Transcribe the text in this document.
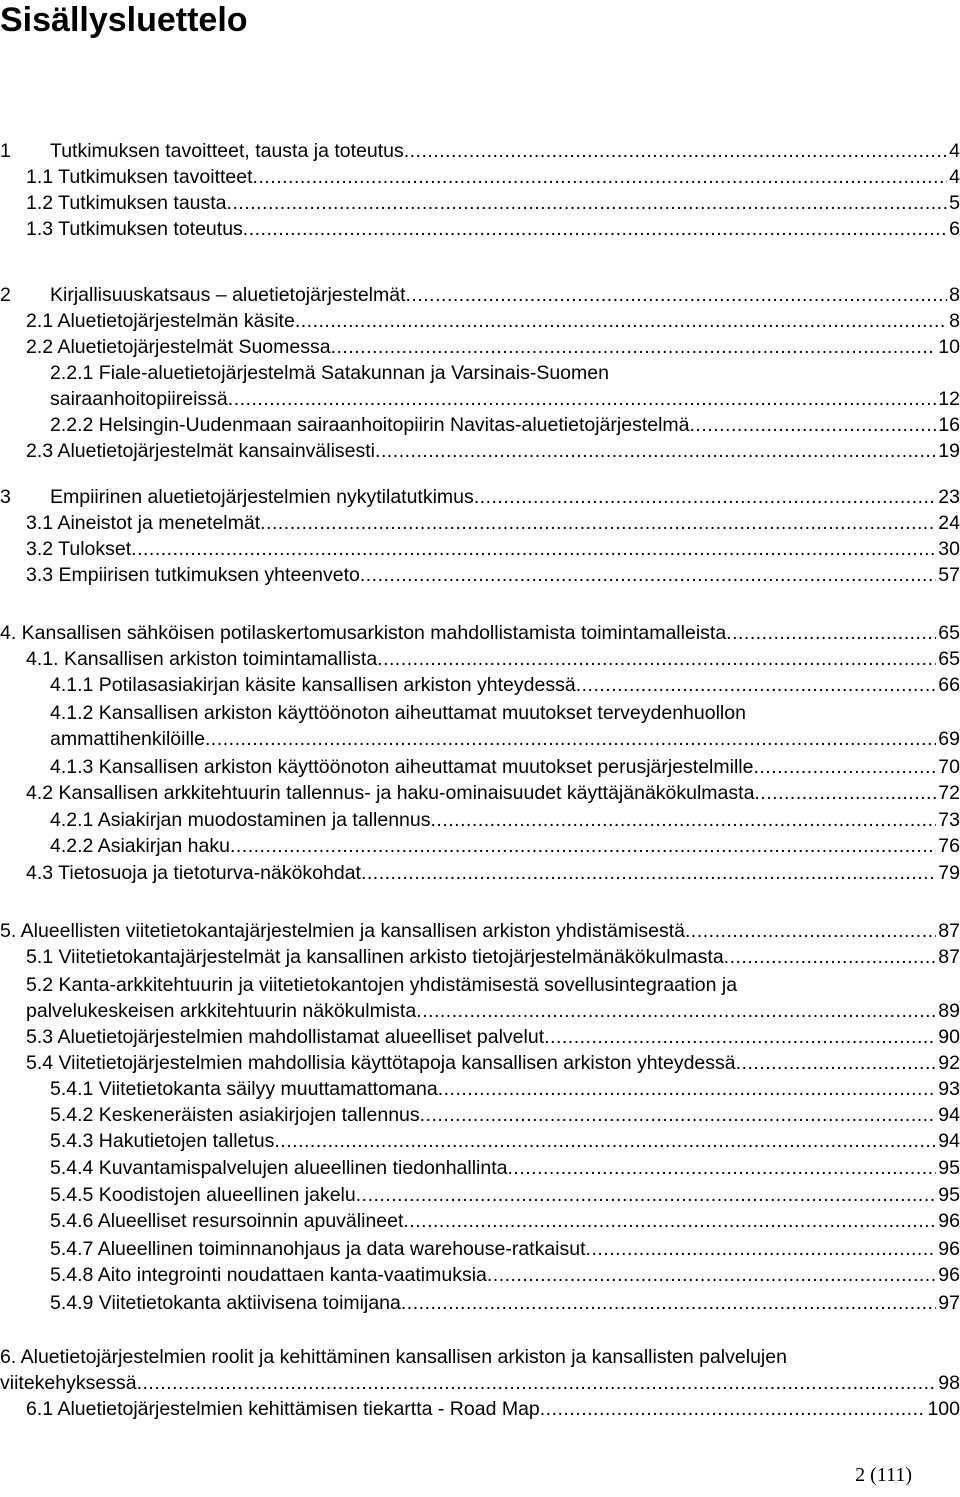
Sisällysluettelo
1 Tutkimuksen tavoitteet, tausta ja toteutus .....	4
1.1 Tutkimuksen tavoitteet .....	4
1.2 Tutkimuksen tausta .....	5
1.3 Tutkimuksen toteutus .....	6
2 Kirjallisuuskatsaus – aluetietojärjestelmät .....	8
2.1 Aluetietojärjestelmän käsite .....	8
2.2 Aluetietojärjestelmät Suomessa .....	10
2.2.1 Fiale-aluetietojärjestelmä Satakunnan ja Varsinais-Suomen
sairaanhoitopiireissä .....	12
2.2.2 Helsingin-Uudenmaan sairaanhoitopiirin Navitas-aluetietojärjestelmä .....	16
2.3 Aluetietojärjestelmät kansainvälisesti .....	19
3 Empiirinen aluetietojärjestelmien nykytilatutkimus .....	23
3.1 Aineistot ja menetelmät .....	24
3.2 Tulokset .....	30
3.3 Empiirisen tutkimuksen yhteenveto .....	57
4. Kansallisen sähköisen potilaskertomusarkiston mahdollistamista toimintamalleista .....	65
4.1. Kansallisen arkiston toimintamallista .....	65
4.1.1 Potilasasiakirjan käsite kansallisen arkiston yhteydessä .....	66
4.1.2 Kansallisen arkiston käyttöönoton aiheuttamat muutokset terveydenhuollon
ammattihenkilöille .....	69
4.1.3 Kansallisen arkiston käyttöönoton aiheuttamat muutokset perusjärjestelmille .....	70
4.2 Kansallisen arkkitehtuurin tallennus- ja haku-ominaisuudet käyttäjänäkökulmasta .....	72
4.2.1 Asiakirjan muodostaminen ja tallennus .....	73
4.2.2 Asiakirjan haku .....	76
4.3 Tietosuoja ja tietoturva-näkökohdat .....	79
5. Alueellisten viitetietokantajärjestelmien ja kansallisen arkiston yhdistämisestä .....	87
5.1 Viitetietokantajärjestelmät ja kansallinen arkisto tietojärjestelmänäkökulmasta .....	87
5.2 Kanta-arkkitehtuurin ja viitetietokantojen yhdistämisestä sovellusintegraation ja
palvelukeskeisen arkkitehtuurin näkökulmista .....	89
5.3 Aluetietojärjestelmien mahdollistamat alueelliset palvelut .....	90
5.4 Viitetietojärjestelmien mahdollisia käyttötapoja kansallisen arkiston yhteydessä .....	92
5.4.1 Viitetietokanta säilyy muuttamattomana .....	93
5.4.2 Keskeneräisten asiakirjojen tallennus .....	94
5.4.3 Hakutietojen talletus .....	94
5.4.4 Kuvantamispalvelujen alueellinen tiedonhallinta .....	95
5.4.5 Koodistojen alueellinen jakelu .....	95
5.4.6 Alueelliset resursoinnin apuvälineet .....	96
5.4.7 Alueellinen toiminnanohjaus ja data warehouse-ratkaisut .....	96
5.4.8 Aito integrointi noudattaen kanta-vaatimuksia .....	96
5.4.9 Viitetietokanta aktiivisena toimijana .....	97
6. Aluetietojärjestelmien roolit ja kehittäminen kansallisen arkiston ja kansallisten palvelujen
viitekehyksessä .....	98
6.1 Aluetietojärjestelmien kehittämisen tiekartta - Road Map .....	100
2 (111)
